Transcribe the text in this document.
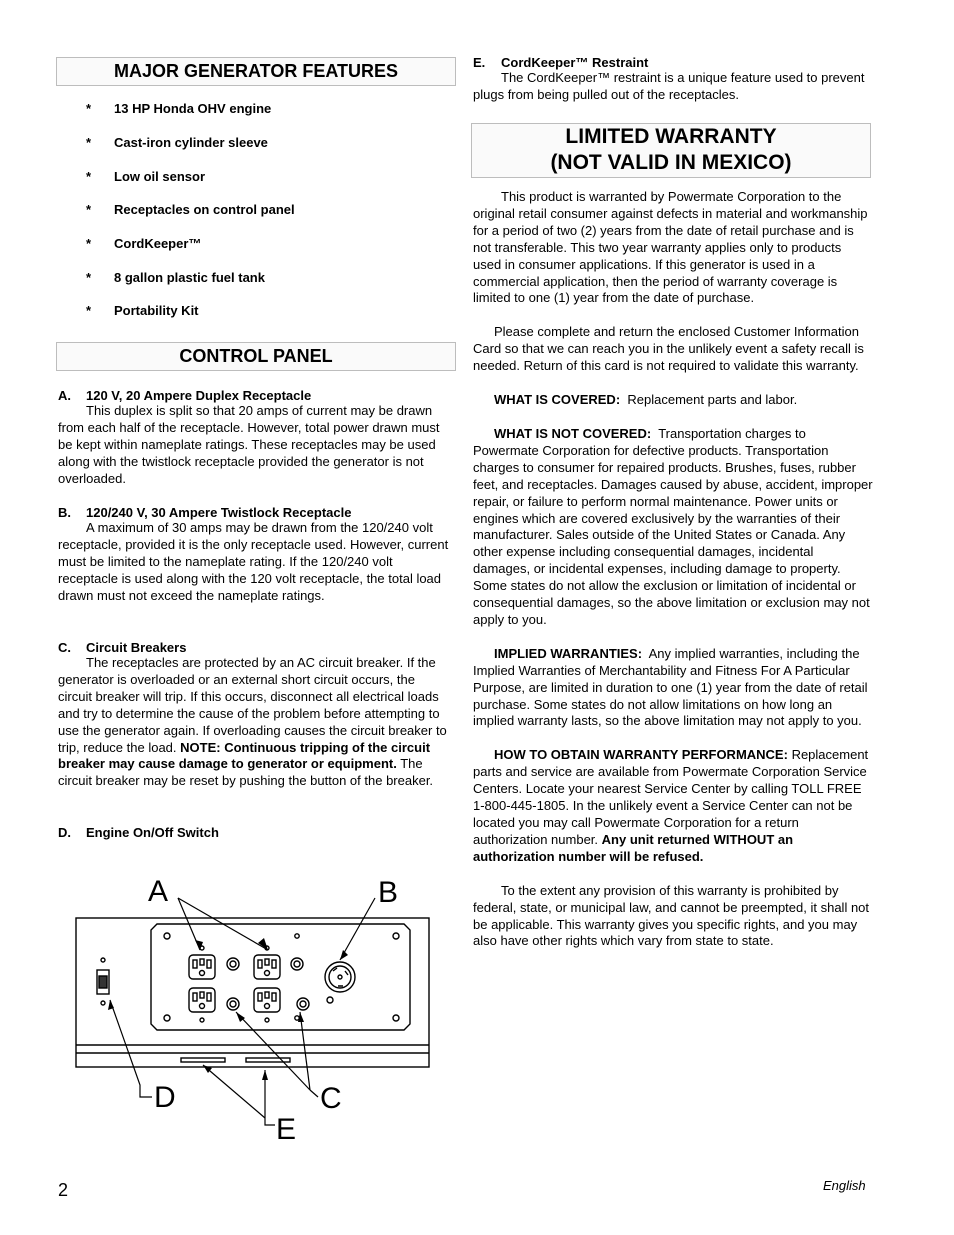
MAJOR GENERATOR FEATURES
* 13 HP Honda OHV engine
* Cast-iron cylinder sleeve
* Low oil sensor
* Receptacles on control panel
* CordKeeper™
* 8 gallon plastic fuel tank
* Portability Kit
CONTROL PANEL
A. 120 V, 20 Ampere Duplex Receptacle

This duplex is split so that 20 amps of current may be drawn from each half of the receptacle. However, total power drawn must be kept within nameplate ratings. These receptacles may be used along with the twistlock receptacle provided the generator is not overloaded.

B. 120/240 V, 30 Ampere Twistlock Receptacle

A maximum of 30 amps may be drawn from the 120/240 volt receptacle, provided it is the only receptacle used. However, current must be limited to the nameplate rating. If the 120/240 volt receptacle is used along with the 120 volt receptacle, the total load drawn must not exceed the nameplate ratings.

C. Circuit Breakers

The receptacles are protected by an AC circuit breaker. If the generator is overloaded or an external short circuit occurs, the circuit breaker will trip. If this occurs, disconnect all electrical loads and try to determine the cause of the problem before attempting to use the generator again. If overloading causes the circuit breaker to trip, reduce the load. NOTE: Continuous tripping of the circuit breaker may cause damage to generator or equipment. The circuit breaker may be reset by pushing the button of the breaker.

D. Engine On/Off Switch
A	B
D	C
E
E. CordKeeper™ Restraint

The CordKeeper™ restraint is a unique feature used to prevent plugs from being pulled out of the receptacles.

LIMITED WARRANTY
(NOT VALID IN MEXICO)

This product is warranted by Powermate Corporation to the original retail consumer against defects in material and workmanship for a period of two (2) years from the date of retail purchase and is not transferable. This two year warranty applies only to products used in consumer applications. If this generator is used in a commercial application, then the period of warranty coverage is limited to one (1) year from the date of purchase.

Please complete and return the enclosed Customer Information Card so that we can reach you in the unlikely event a safety recall is needed. Return of this card is not required to validate this warranty.

WHAT IS COVERED: Replacement parts and labor.

WHAT IS NOT COVERED: Transportation charges to Powermate Corporation for defective products. Transportation charges to consumer for repaired products. Brushes, fuses, rubber feet, and receptacles. Damages caused by abuse, accident, improper repair, or failure to perform normal maintenance. Power units or engines which are covered exclusively by the warranties of their manufacturer. Sales outside of the United States or Canada. Any other expense including consequential damages, incidental damages, or incidental expenses, including damage to property. Some states do not allow the exclusion or limitation of incidental or consequential damages, so the above limitation or exclusion may not apply to you.

IMPLIED WARRANTIES: Any implied warranties, including the Implied Warranties of Merchantability and Fitness For A Particular Purpose, are limited in duration to one (1) year from the date of retail purchase. Some states do not allow limitations on how long an implied warranty lasts, so the above limitation may not apply to you.

HOW TO OBTAIN WARRANTY PERFORMANCE: Replacement parts and service are available from Powermate Corporation Service Centers. Locate your nearest Service Center by calling TOLL FREE 1-800-445-1805. In the unlikely event a Service Center can not be located you may call Powermate Corporation for a return authorization number. Any unit returned WITHOUT an authorization number will be refused.

To the extent any provision of this warranty is prohibited by federal, state, or municipal law, and cannot be preempted, it shall not be applicable. This warranty gives you specific rights, and you may also have other rights which vary from state to state.

2	English
